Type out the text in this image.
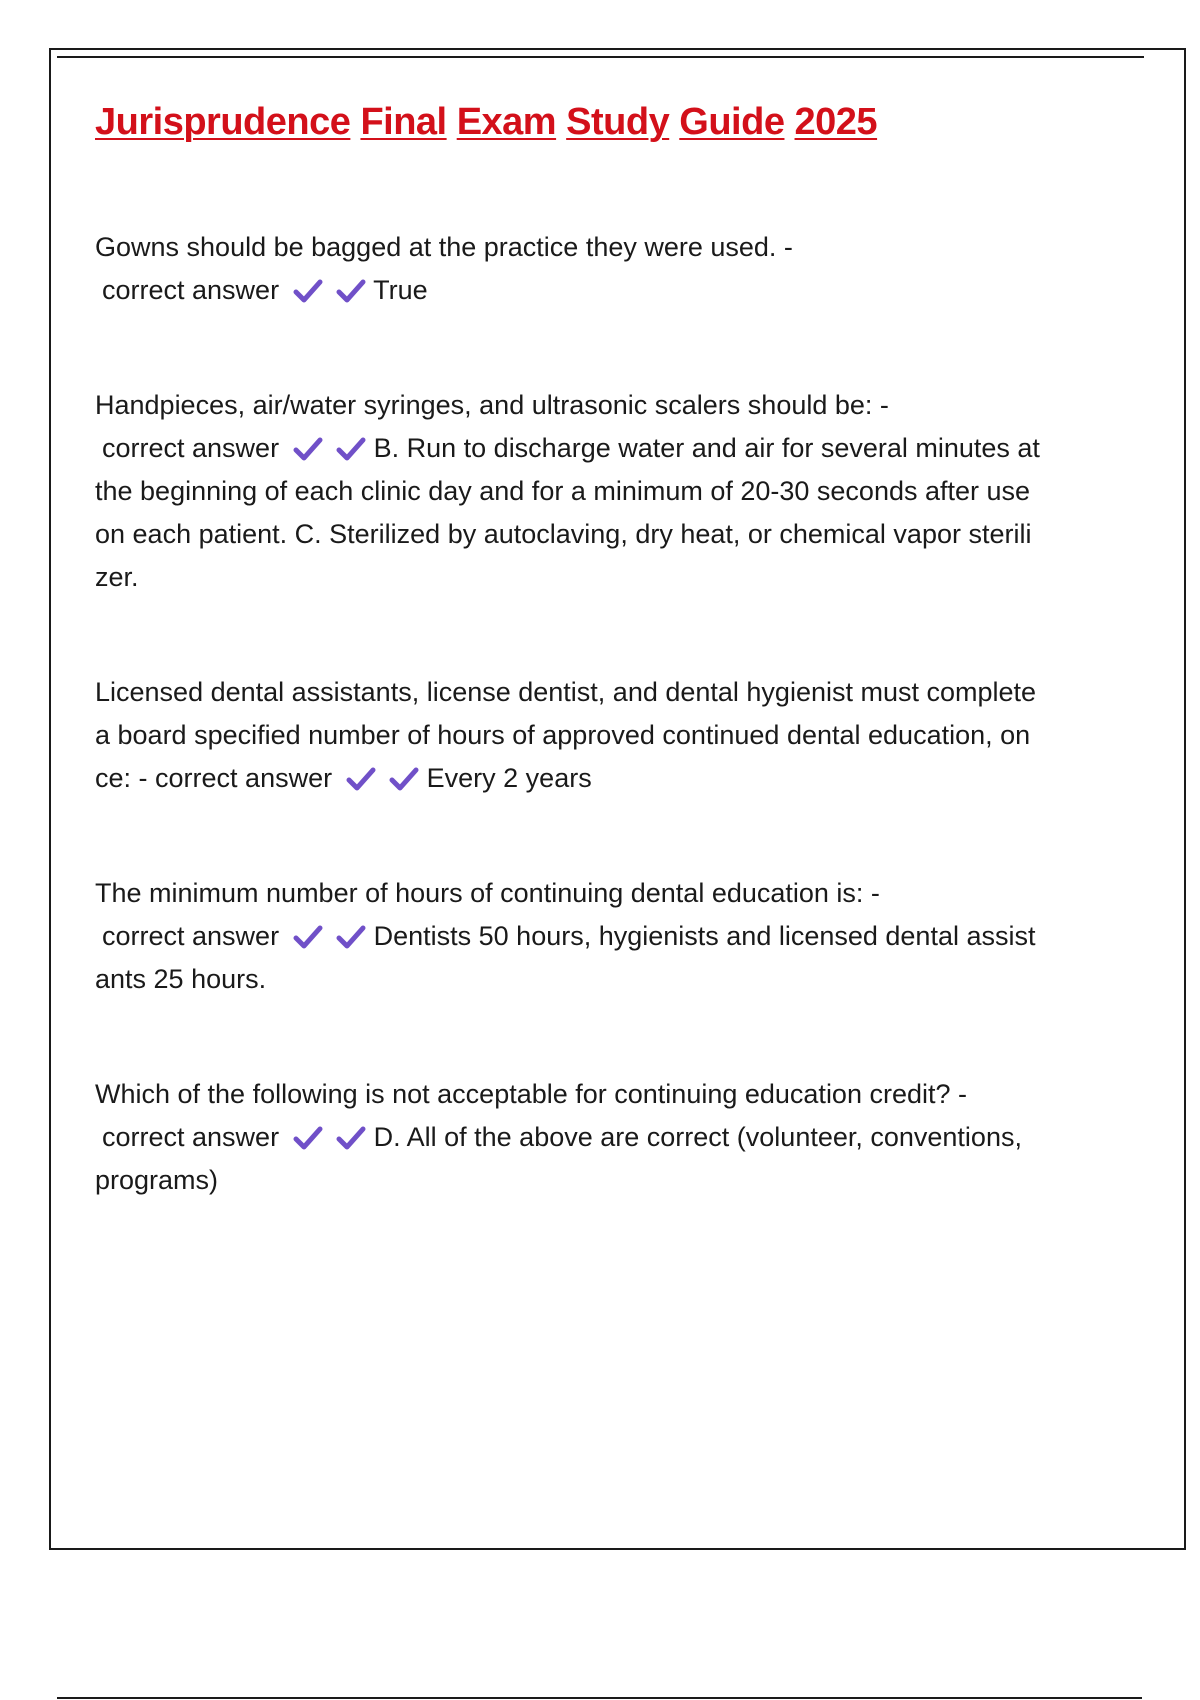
Jurisprudence Final Exam Study Guide 2025
Gowns should be bagged at the practice they were used. -
correct answer
	True
Handpieces, air/water syringes, and ultrasonic scalers should be: -
correct answer
	B. Run to discharge water and air for several minutes at the beginning of each clinic day and for a minimum of 20-30 seconds after use on each patient. C. Sterilized by autoclaving, dry heat, or chemical vapor sterilizer.
Licensed dental assistants, license dentist, and dental hygienist must complete a board specified number of hours of approved continued dental education, once: - correct answer
	Every 2 years
The minimum number of hours of continuing dental education is: -
correct answer
	Dentists 50 hours, hygienists and licensed dental assistants 25 hours.
Which of the following is not acceptable for continuing education credit? -
correct answer
	D. All of the above are correct (volunteer, conventions, programs)
